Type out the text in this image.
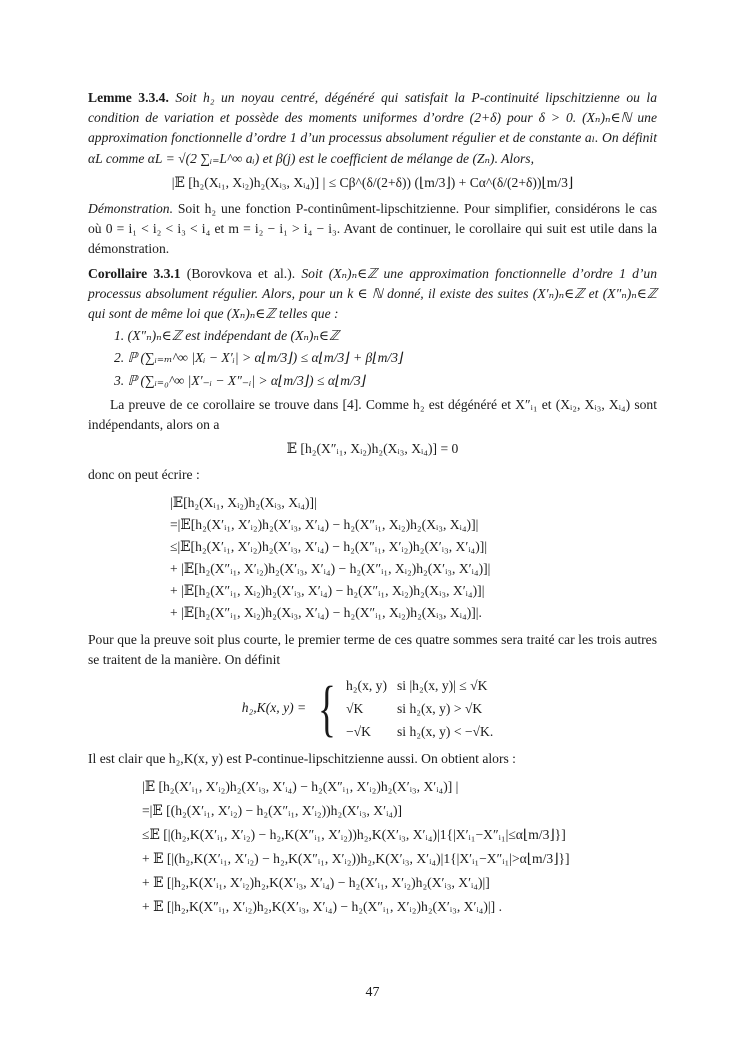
Lemme 3.3.4. Soit h₂ un noyau centré, dégénéré qui satisfait la P-continuité lipschitzienne ou la condition de variation et possède des moments uniformes d’ordre (2+δ) pour δ > 0. (Xₙ)ₙ∈ℕ une approximation fonctionnelle d’ordre 1 d’un processus absolument régulier et de constante aₗ. On définit αL comme αL = √(2 ∑ᵢ₌L^∞ aᵢ) et β(j) est le coefficient de mélange de (Zₙ). Alors,

|𝔼 [h₂(Xᵢ₁, Xᵢ₂)h₂(Xᵢ₃, Xᵢ₄)] | ≤ Cβ^(δ/(2+δ)) (⌊m/3⌋) + Cα^(δ/(2+δ))⌊m/3⌋

Démonstration. Soit h₂ une fonction P-continûment-lipschitzienne. Pour simplifier, considérons le cas où 0 = i₁ < i₂ < i₃ < i₄ et m = i₂ − i₁ > i₄ − i₃. Avant de continuer, le corollaire qui suit est utile dans la démonstration.

Corollaire 3.3.1 (Borovkova et al.). Soit (Xₙ)ₙ∈ℤ une approximation fonctionnelle d’ordre 1 d’un processus absolument régulier. Alors, pour un k ∈ ℕ donné, il existe des suites (X′ₙ)ₙ∈ℤ et (X″ₙ)ₙ∈ℤ qui sont de même loi que (Xₙ)ₙ∈ℤ telles que :

1. (X″ₙ)ₙ∈ℤ est indépendant de (Xₙ)ₙ∈ℤ
2. ℙ (∑ᵢ₌ₘ^∞ |Xᵢ − X′ᵢ| > α⌊m/3⌋) ≤ α⌊m/3⌋ + β⌊m/3⌋
3. ℙ (∑ᵢ₌₀^∞ |X′₋ᵢ − X″₋ᵢ| > α⌊m/3⌋) ≤ α⌊m/3⌋

La preuve de ce corollaire se trouve dans [4]. Comme h₂ est dégénéré et X″ᵢ₁ et (Xᵢ₂, Xᵢ₃, Xᵢ₄) sont indépendants, alors on a

𝔼 [h₂(X″ᵢ₁, Xᵢ₂)h₂(Xᵢ₃, Xᵢ₄)] = 0

donc on peut écrire :

|𝔼[h₂(Xᵢ₁, Xᵢ₂)h₂(Xᵢ₃, Xᵢ₄)]|
=|𝔼[h₂(X′ᵢ₁, X′ᵢ₂)h₂(X′ᵢ₃, X′ᵢ₄) − h₂(X″ᵢ₁, Xᵢ₂)h₂(Xᵢ₃, Xᵢ₄)]|
≤|𝔼[h₂(X′ᵢ₁, X′ᵢ₂)h₂(X′ᵢ₃, X′ᵢ₄) − h₂(X″ᵢ₁, X′ᵢ₂)h₂(X′ᵢ₃, X′ᵢ₄)]|
+ |𝔼[h₂(X″ᵢ₁, X′ᵢ₂)h₂(X′ᵢ₃, X′ᵢ₄) − h₂(X″ᵢ₁, Xᵢ₂)h₂(X′ᵢ₃, X′ᵢ₄)]|
+ |𝔼[h₂(X″ᵢ₁, Xᵢ₂)h₂(X′ᵢ₃, X′ᵢ₄) − h₂(X″ᵢ₁, Xᵢ₂)h₂(Xᵢ₃, X′ᵢ₄)]|
+ |𝔼[h₂(X″ᵢ₁, Xᵢ₂)h₂(Xᵢ₃, X′ᵢ₄) − h₂(X″ᵢ₁, Xᵢ₂)h₂(Xᵢ₃, Xᵢ₄)]|.

Pour que la preuve soit plus courte, le premier terme de ces quatre sommes sera traité car les trois autres se traitent de la manière. On définit

h₂,K(x, y) = { h₂(x, y)	si |h₂(x, y)| ≤ √K
√K	si h₂(x, y) > √K
−√K	si h₂(x, y) < −√K.

Il est clair que h₂,K(x, y) est P-continue-lipschitzienne aussi. On obtient alors :

|𝔼 [h₂(X′ᵢ₁, X′ᵢ₂)h₂(X′ᵢ₃, X′ᵢ₄) − h₂(X″ᵢ₁, X′ᵢ₂)h₂(X′ᵢ₃, X′ᵢ₄)] |
=|𝔼 [(h₂(X′ᵢ₁, X′ᵢ₂) − h₂(X″ᵢ₁, X′ᵢ₂))h₂(X′ᵢ₃, X′ᵢ₄)]
≤𝔼 [|(h₂,K(X′ᵢ₁, X′ᵢ₂) − h₂,K(X″ᵢ₁, X′ᵢ₂))h₂,K(X′ᵢ₃, X′ᵢ₄)|1{|X′ᵢ₁−X″ᵢ₁|≤α⌊m/3⌋}]
+ 𝔼 [|(h₂,K(X′ᵢ₁, X′ᵢ₂) − h₂,K(X″ᵢ₁, X′ᵢ₂))h₂,K(X′ᵢ₃, X′ᵢ₄)|1{|X′ᵢ₁−X″ᵢ₁|>α⌊m/3⌋}]
+ 𝔼 [|h₂,K(X′ᵢ₁, X′ᵢ₂)h₂,K(X′ᵢ₃, X′ᵢ₄) − h₂(X′ᵢ₁, X′ᵢ₂)h₂(X′ᵢ₃, X′ᵢ₄)|]
+ 𝔼 [|h₂,K(X″ᵢ₁, X′ᵢ₂)h₂,K(X′ᵢ₃, X′ᵢ₄) − h₂(X″ᵢ₁, X′ᵢ₂)h₂(X′ᵢ₃, X′ᵢ₄)|] .
47
